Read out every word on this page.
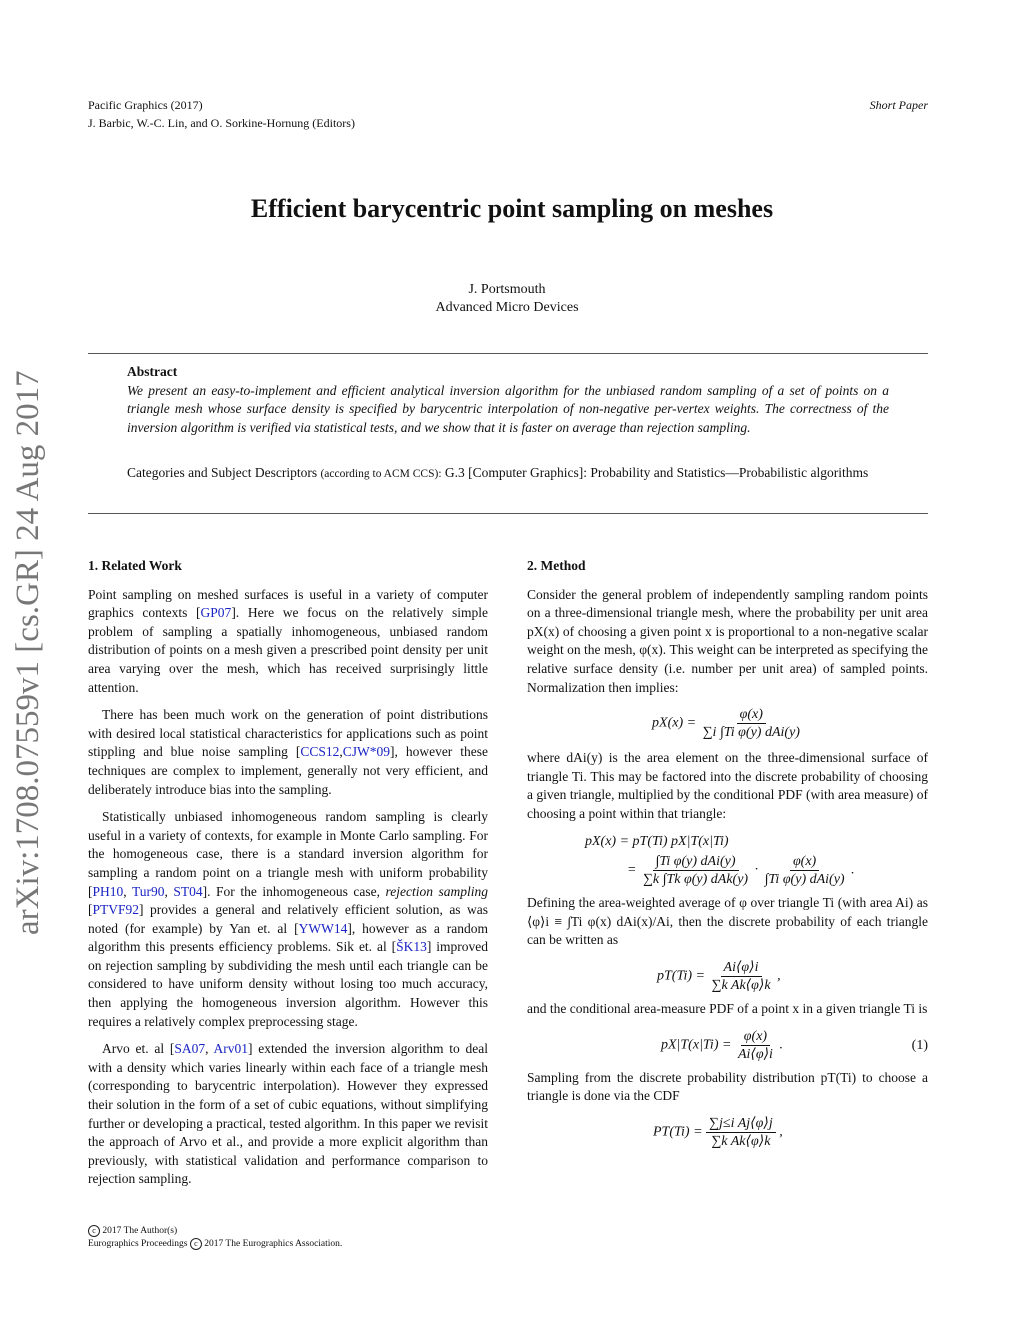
arXiv:1708.07559v1 [cs.GR] 24 Aug 2017
Pacific Graphics (2017)
J. Barbic, W.-C. Lin, and O. Sorkine-Hornung (Editors)
Short Paper
Efficient barycentric point sampling on meshes
J. Portsmouth
Advanced Micro Devices
Abstract
We present an easy-to-implement and efficient analytical inversion algorithm for the unbiased random sampling of a set of points on a triangle mesh whose surface density is specified by barycentric interpolation of non-negative per-vertex weights. The correctness of the inversion algorithm is verified via statistical tests, and we show that it is faster on average than rejection sampling.
Categories and Subject Descriptors (according to ACM CCS): G.3 [Computer Graphics]: Probability and Statistics—Probabilistic algorithms
1. Related Work

Point sampling on meshed surfaces is useful in a variety of computer graphics contexts [GP07]. Here we focus on the relatively simple problem of sampling a spatially inhomogeneous, unbiased random distribution of points on a mesh given a prescribed point density per unit area varying over the mesh, which has received surprisingly little attention.

There has been much work on the generation of point distributions with desired local statistical characteristics for applications such as point stippling and blue noise sampling [CCS12,CJW*09], however these techniques are complex to implement, generally not very efficient, and deliberately introduce bias into the sampling.

Statistically unbiased inhomogeneous random sampling is clearly useful in a variety of contexts, for example in Monte Carlo sampling. For the homogeneous case, there is a standard inversion algorithm for sampling a random point on a triangle mesh with uniform probability [PH10, Tur90, ST04]. For the inhomogeneous case, rejection sampling [PTVF92] provides a general and relatively efficient solution, as was noted (for example) by Yan et. al [YWW14], however as a random algorithm this presents efficiency problems. Sik et. al [ŠK13] improved on rejection sampling by subdividing the mesh until each triangle can be considered to have uniform density without losing too much accuracy, then applying the homogeneous inversion algorithm. However this requires a relatively complex preprocessing stage.

Arvo et. al [SA07, Arv01] extended the inversion algorithm to deal with a density which varies linearly within each face of a triangle mesh (corresponding to barycentric interpolation). However they expressed their solution in the form of a set of cubic equations, without simplifying further or developing a practical, tested algorithm. In this paper we revisit the approach of Arvo et al., and provide a more explicit algorithm than previously, with statistical validation and performance comparison to rejection sampling.

2. Method

Consider the general problem of independently sampling random points on a three-dimensional triangle mesh, where the probability per unit area pX(x) of choosing a given point x is proportional to a non-negative scalar weight on the mesh, φ(x). This weight can be interpreted as specifying the relative surface density (i.e. number per unit area) of sampled points. Normalization then implies:

$pX(x) = \frac{\varphi(x)}{\text{∑i ∫Ti φ(y) dAi(y)}}$

where dAi(y) is the area element on the three-dimensional surface of triangle Ti. This may be factored into the discrete probability of choosing a given triangle, multiplied by the conditional PDF (with area measure) of choosing a point within that triangle:

pX(x) = pT(Ti) pX|T(x|Ti)
= $\frac{\text{∫Ti φ(y) dAi(y)}}{\text{∑k ∫Tk φ(y) dAk(y)}} \cdot \frac{\varphi(x)}{\text{∫Ti φ(y) dAi(y)}}$ .

Defining the area-weighted average of φ over triangle Ti (with area Ai) as ⟨φ⟩i ≡ ∫Ti φ(x) dAi(x)/Ai, then the discrete probability of each triangle can be written as

$pT(Ti) = \frac{Ai⟨\varphi⟩i}{\text{∑k Ak⟨φ⟩k}}$ ,

and the conditional area-measure PDF of a point x in a given triangle Ti is

$pX|T(x|Ti) = \frac{\varphi(x)}{Ai⟨\varphi⟩i}$ .	(1)

Sampling from the discrete probability distribution pT(Ti) to choose a triangle is done via the CDF

$PT(Ti) = \frac{\text{∑j≤i Aj⟨φ⟩j}}{\text{∑k Ak⟨φ⟩k}}$ ,
c 2017 The Author(s)
Eurographics Proceedings c 2017 The Eurographics Association.
